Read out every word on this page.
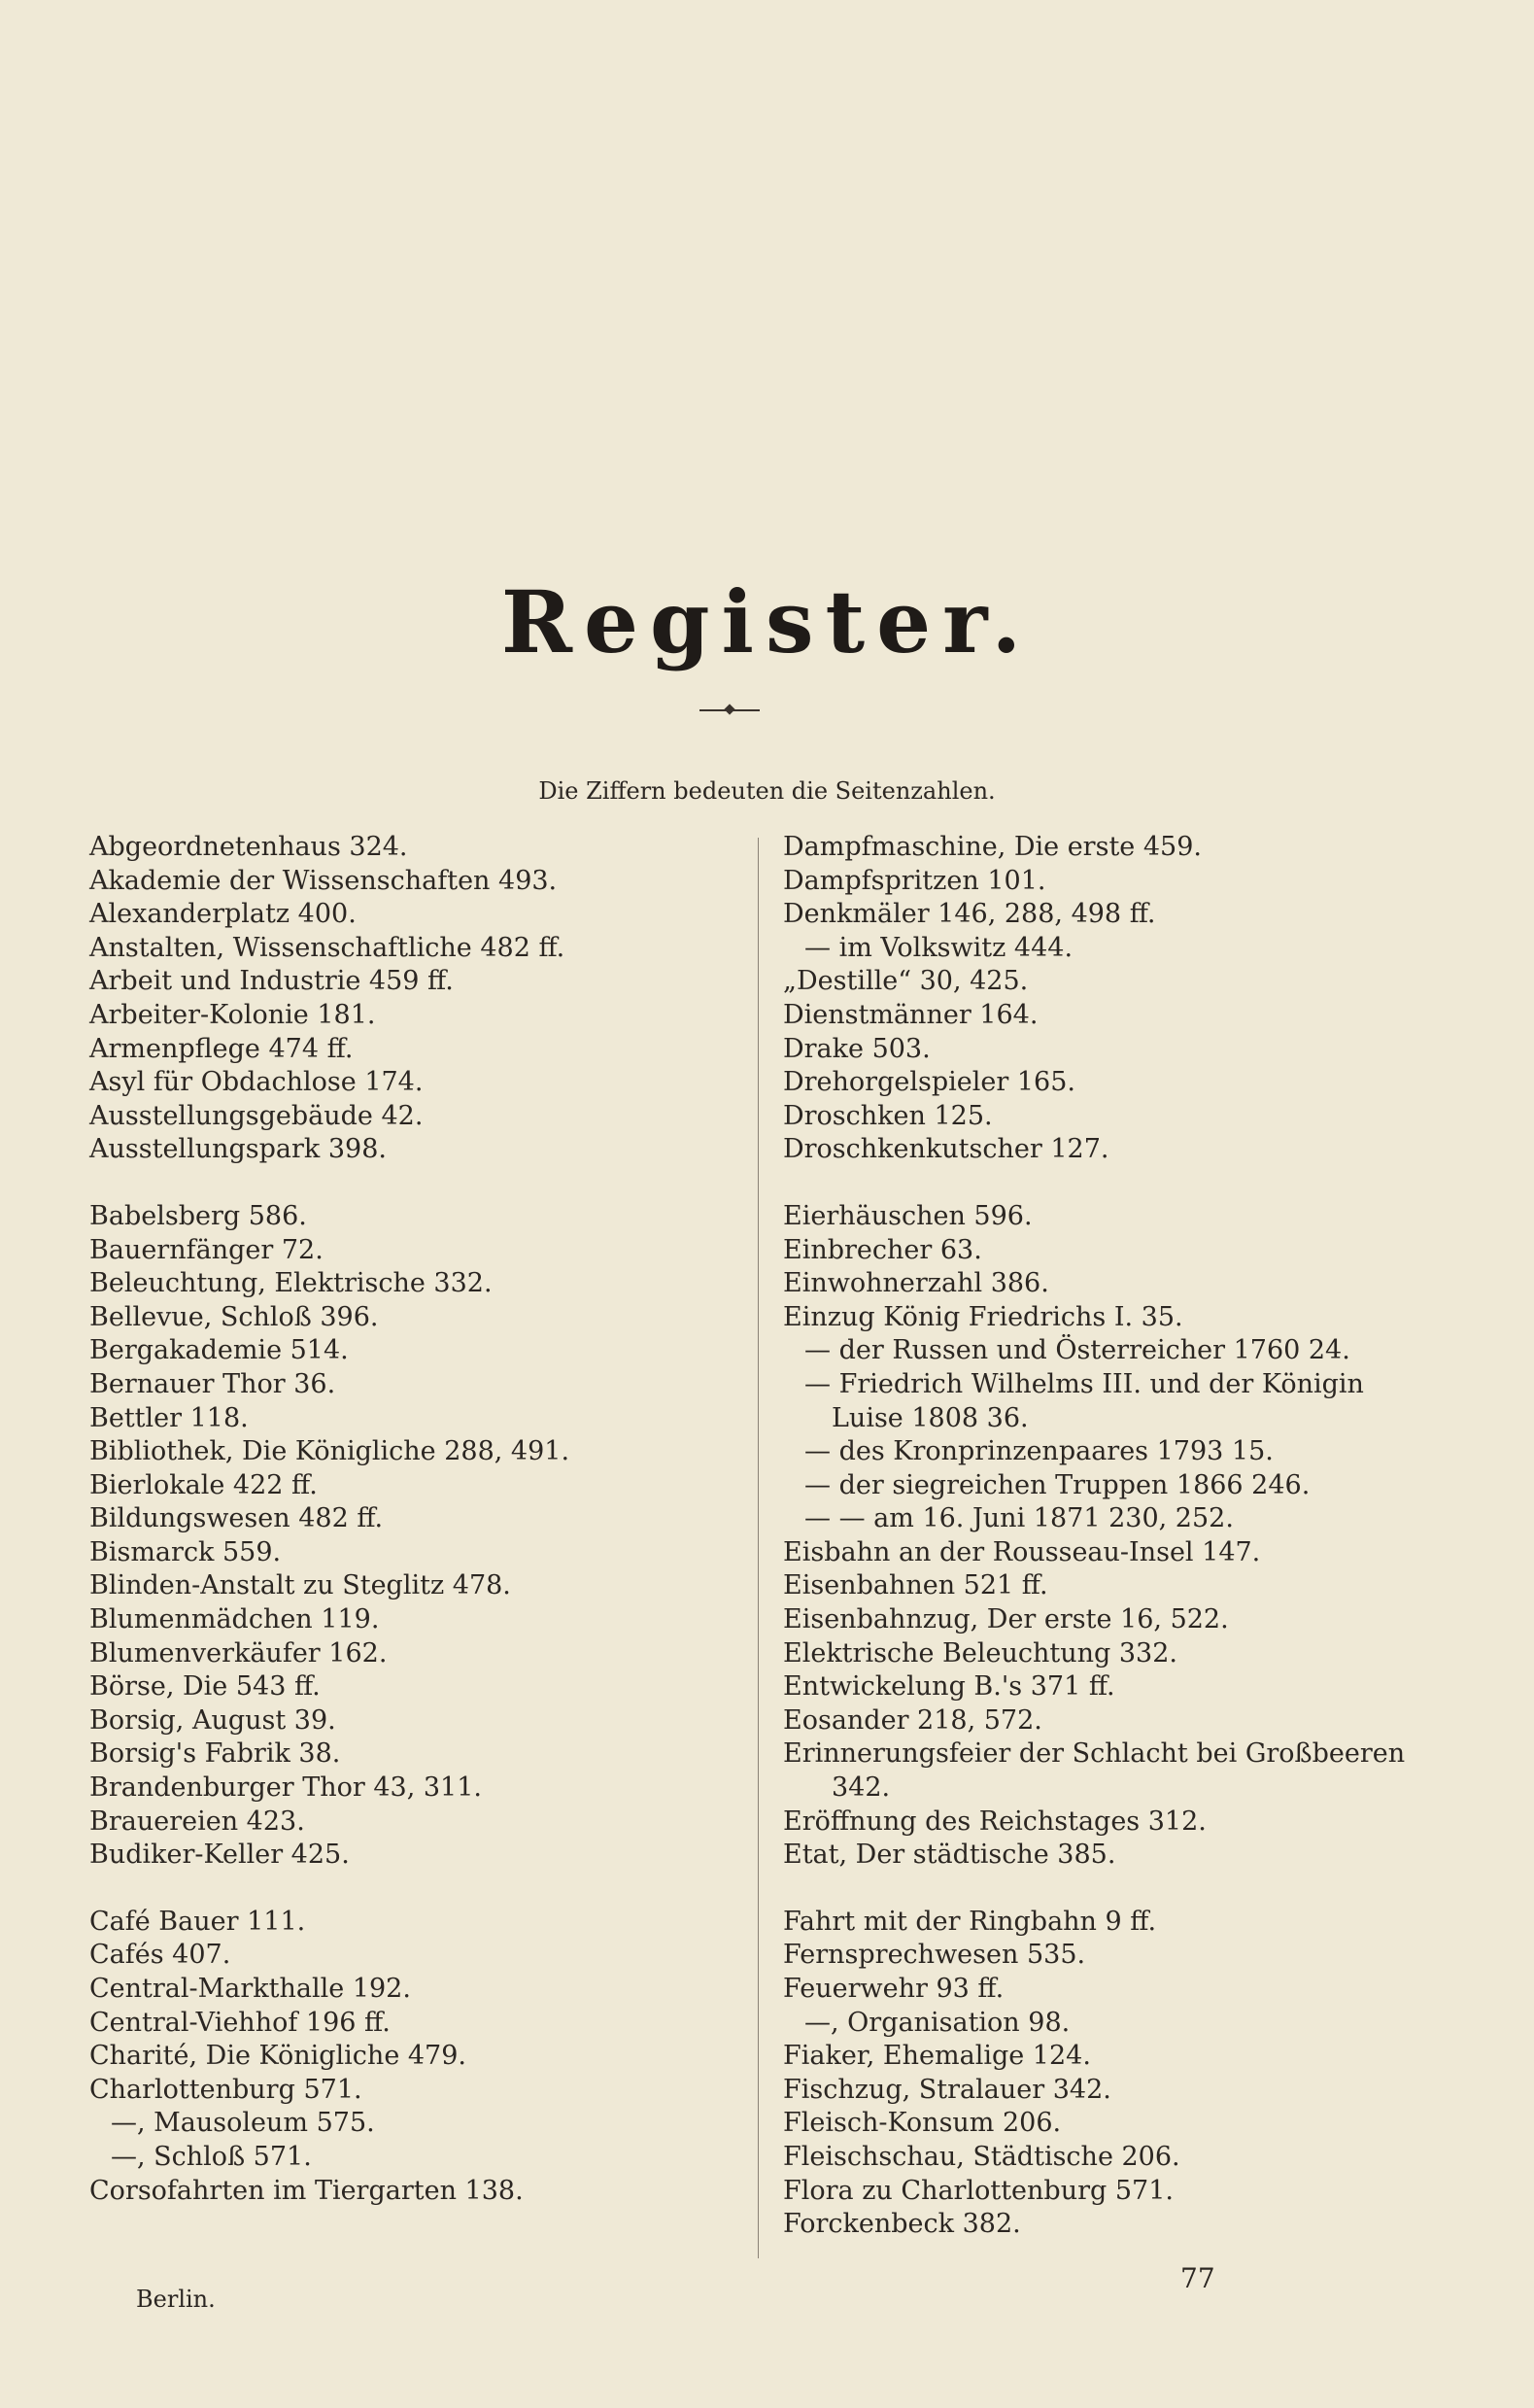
Register.
Die Ziffern bedeuten die Seitenzahlen.
Abgeordnetenhaus 324.
Akademie der Wissenschaften 493.
Alexanderplatz 400.
Anstalten, Wissenschaftliche 482 ff.
Arbeit und Industrie 459 ff.
Arbeiter-Kolonie 181.
Armenpflege 474 ff.
Asyl für Obdachlose 174.
Ausstellungsgebäude 42.
Ausstellungspark 398.
Babelsberg 586.
Bauernfänger 72.
Beleuchtung, Elektrische 332.
Bellevue, Schloß 396.
Bergakademie 514.
Bernauer Thor 36.
Bettler 118.
Bibliothek, Die Königliche 288, 491.
Bierlokale 422 ff.
Bildungswesen 482 ff.
Bismarck 559.
Blinden-Anstalt zu Steglitz 478.
Blumenmädchen 119.
Blumenverkäufer 162.
Börse, Die 543 ff.
Borsig, August 39.
Borsig's Fabrik 38.
Brandenburger Thor 43, 311.
Brauereien 423.
Budiker-Keller 425.
Café Bauer 111.
Cafés 407.
Central-Markthalle 192.
Central-Viehhof 196 ff.
Charité, Die Königliche 479.
Charlottenburg 571.
—, Mausoleum 575.
—, Schloß 571.
Corsofahrten im Tiergarten 138.
Dampfmaschine, Die erste 459.
Dampfspritzen 101.
Denkmäler 146, 288, 498 ff.
— im Volkswitz 444.
„Destille“ 30, 425.
Dienstmänner 164.
Drake 503.
Drehorgelspieler 165.
Droschken 125.
Droschkenkutscher 127.
Eierhäuschen 596.
Einbrecher 63.
Einwohnerzahl 386.
Einzug König Friedrichs I. 35.
— der Russen und Österreicher 1760 24.
— Friedrich Wilhelms III. und der Königin
Luise 1808 36.
— des Kronprinzenpaares 1793 15.
— der siegreichen Truppen 1866 246.
— — am 16. Juni 1871 230, 252.
Eisbahn an der Rousseau-Insel 147.
Eisenbahnen 521 ff.
Eisenbahnzug, Der erste 16, 522.
Elektrische Beleuchtung 332.
Entwickelung B.'s 371 ff.
Eosander 218, 572.
Erinnerungsfeier der Schlacht bei Großbeeren
342.
Eröffnung des Reichstages 312.
Etat, Der städtische 385.
Fahrt mit der Ringbahn 9 ff.
Fernsprechwesen 535.
Feuerwehr 93 ff.
—, Organisation 98.
Fiaker, Ehemalige 124.
Fischzug, Stralauer 342.
Fleisch-Konsum 206.
Fleischschau, Städtische 206.
Flora zu Charlottenburg 571.
Forckenbeck 382.
Berlin.
77
